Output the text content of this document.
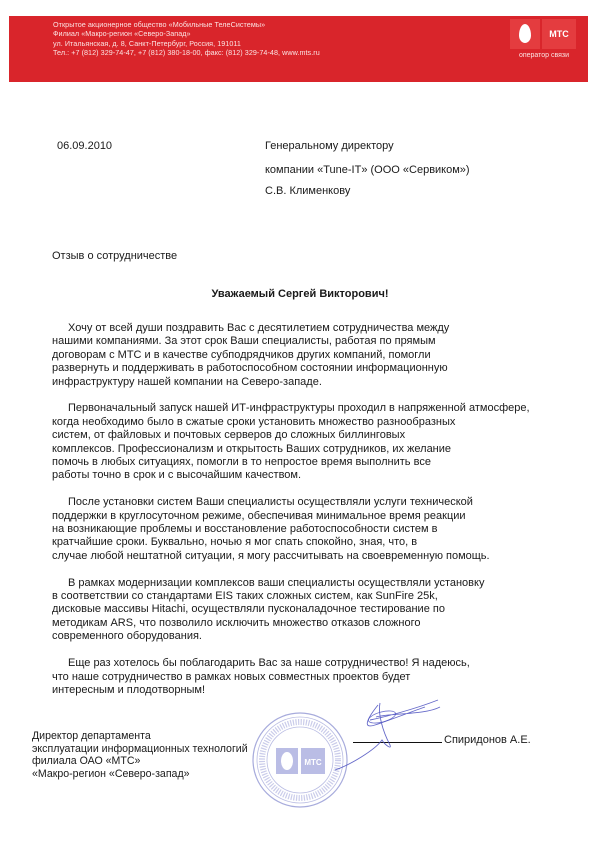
Открытое акционерное общество «Мобильные ТелеСистемы»
Филиал «Макро-регион «Северо-Запад»
ул. Итальянская, д. 8, Санкт-Петербург, Россия, 191011
Тел.: +7 (812) 329-74-47, +7 (812) 380-18-00, факс: (812) 329-74-48, www.mts.ru
МТС
оператор связи
06.09.2010	Генеральному директору
компании «Tune-IT» (ООО «Сервиком»)
С.В. Клименкову
Отзыв о сотрудничестве
Уважаемый Сергей Викторович!
Хочу от всей души поздравить Вас с десятилетием сотрудничества между
нашими компаниями. За этот срок Ваши специалисты, работая по прямым
договорам с МТС и в качестве субподрядчиков других компаний, помогли
развернуть и поддерживать в работоспособном состоянии информационную
инфраструктуру нашей компании на Северо-западе.
Первоначальный запуск нашей ИТ-инфраструктуры проходил в напряженной атмосфере,
когда необходимо было в сжатые сроки установить множество разнообразных
систем, от файловых и почтовых серверов до сложных биллинговых
комплексов. Профессионализм и открытость Ваших сотрудников, их желание
помочь в любых ситуациях, помогли в то непростое время выполнить все
работы точно в срок и с высочайшим качеством.
После установки систем Ваши специалисты осуществляли услуги технической
поддержки в круглосуточном режиме, обеспечивая минимальное время реакции
на возникающие проблемы и восстановление работоспособности систем в
кратчайшие сроки. Буквально, ночью я мог спать спокойно, зная, что, в
случае любой нештатной ситуации, я могу рассчитывать на своевременную помощь.
В рамках модернизации комплексов ваши специалисты осуществляли установку
в соответствии со стандартами EIS таких сложных систем, как SunFire 25k,
дисковые массивы Hitachi, осуществляли пусконаладочное тестирование по
методикам ARS, что позволило исключить множество отказов сложного
современного оборудования.
Еще раз хотелось бы поблагодарить Вас за наше сотрудничество! Я надеюсь,
что наше сотрудничество в рамках новых совместных проектов будет
интересным и плодотворным!
Директор департамента
эксплуатации информационных технологий
филиала ОАО «МТС»
«Макро-регион «Северо-запад»
МТС
Спиридонов А.Е.
